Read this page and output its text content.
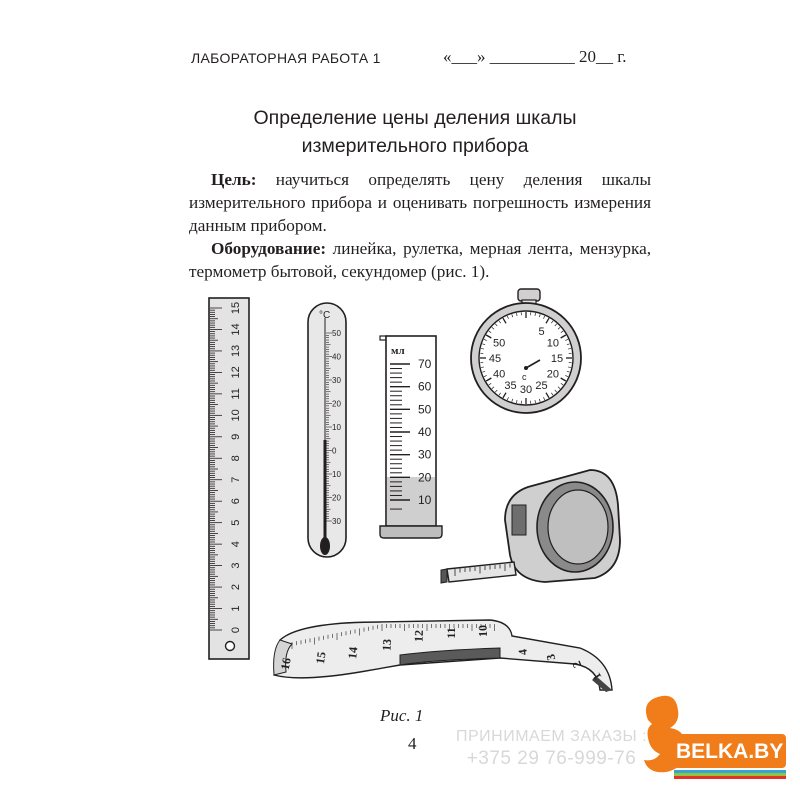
ЛАБОРАТОРНАЯ РАБОТА 1	«___» __________ 20__ г.
Определение цены деления шкалы
измерительного прибора

Цель: научиться определять цену деления шкалы измерительного прибора и оценивать погрешность измерения данным прибором.

Оборудование: линейка, рулетка, мерная лента, мензурка, термометр бытовой, секундомер (рис. 1).

0
1
2
3
4
5
6
7
8
9
10
11
12
13
14
15
°С
50
40
30
20
10
0
10
20
30
мл
70
60
50
40
30
20
10
5
10
15
20
25
30
35
40
45
50
с
16 15 14
13
12 11 10
4
3
2
1
Рис. 1
4 ПРИНИМАЕМ ЗАКАЗЫ :
+375 29 76-999-76	BELKA.BY
